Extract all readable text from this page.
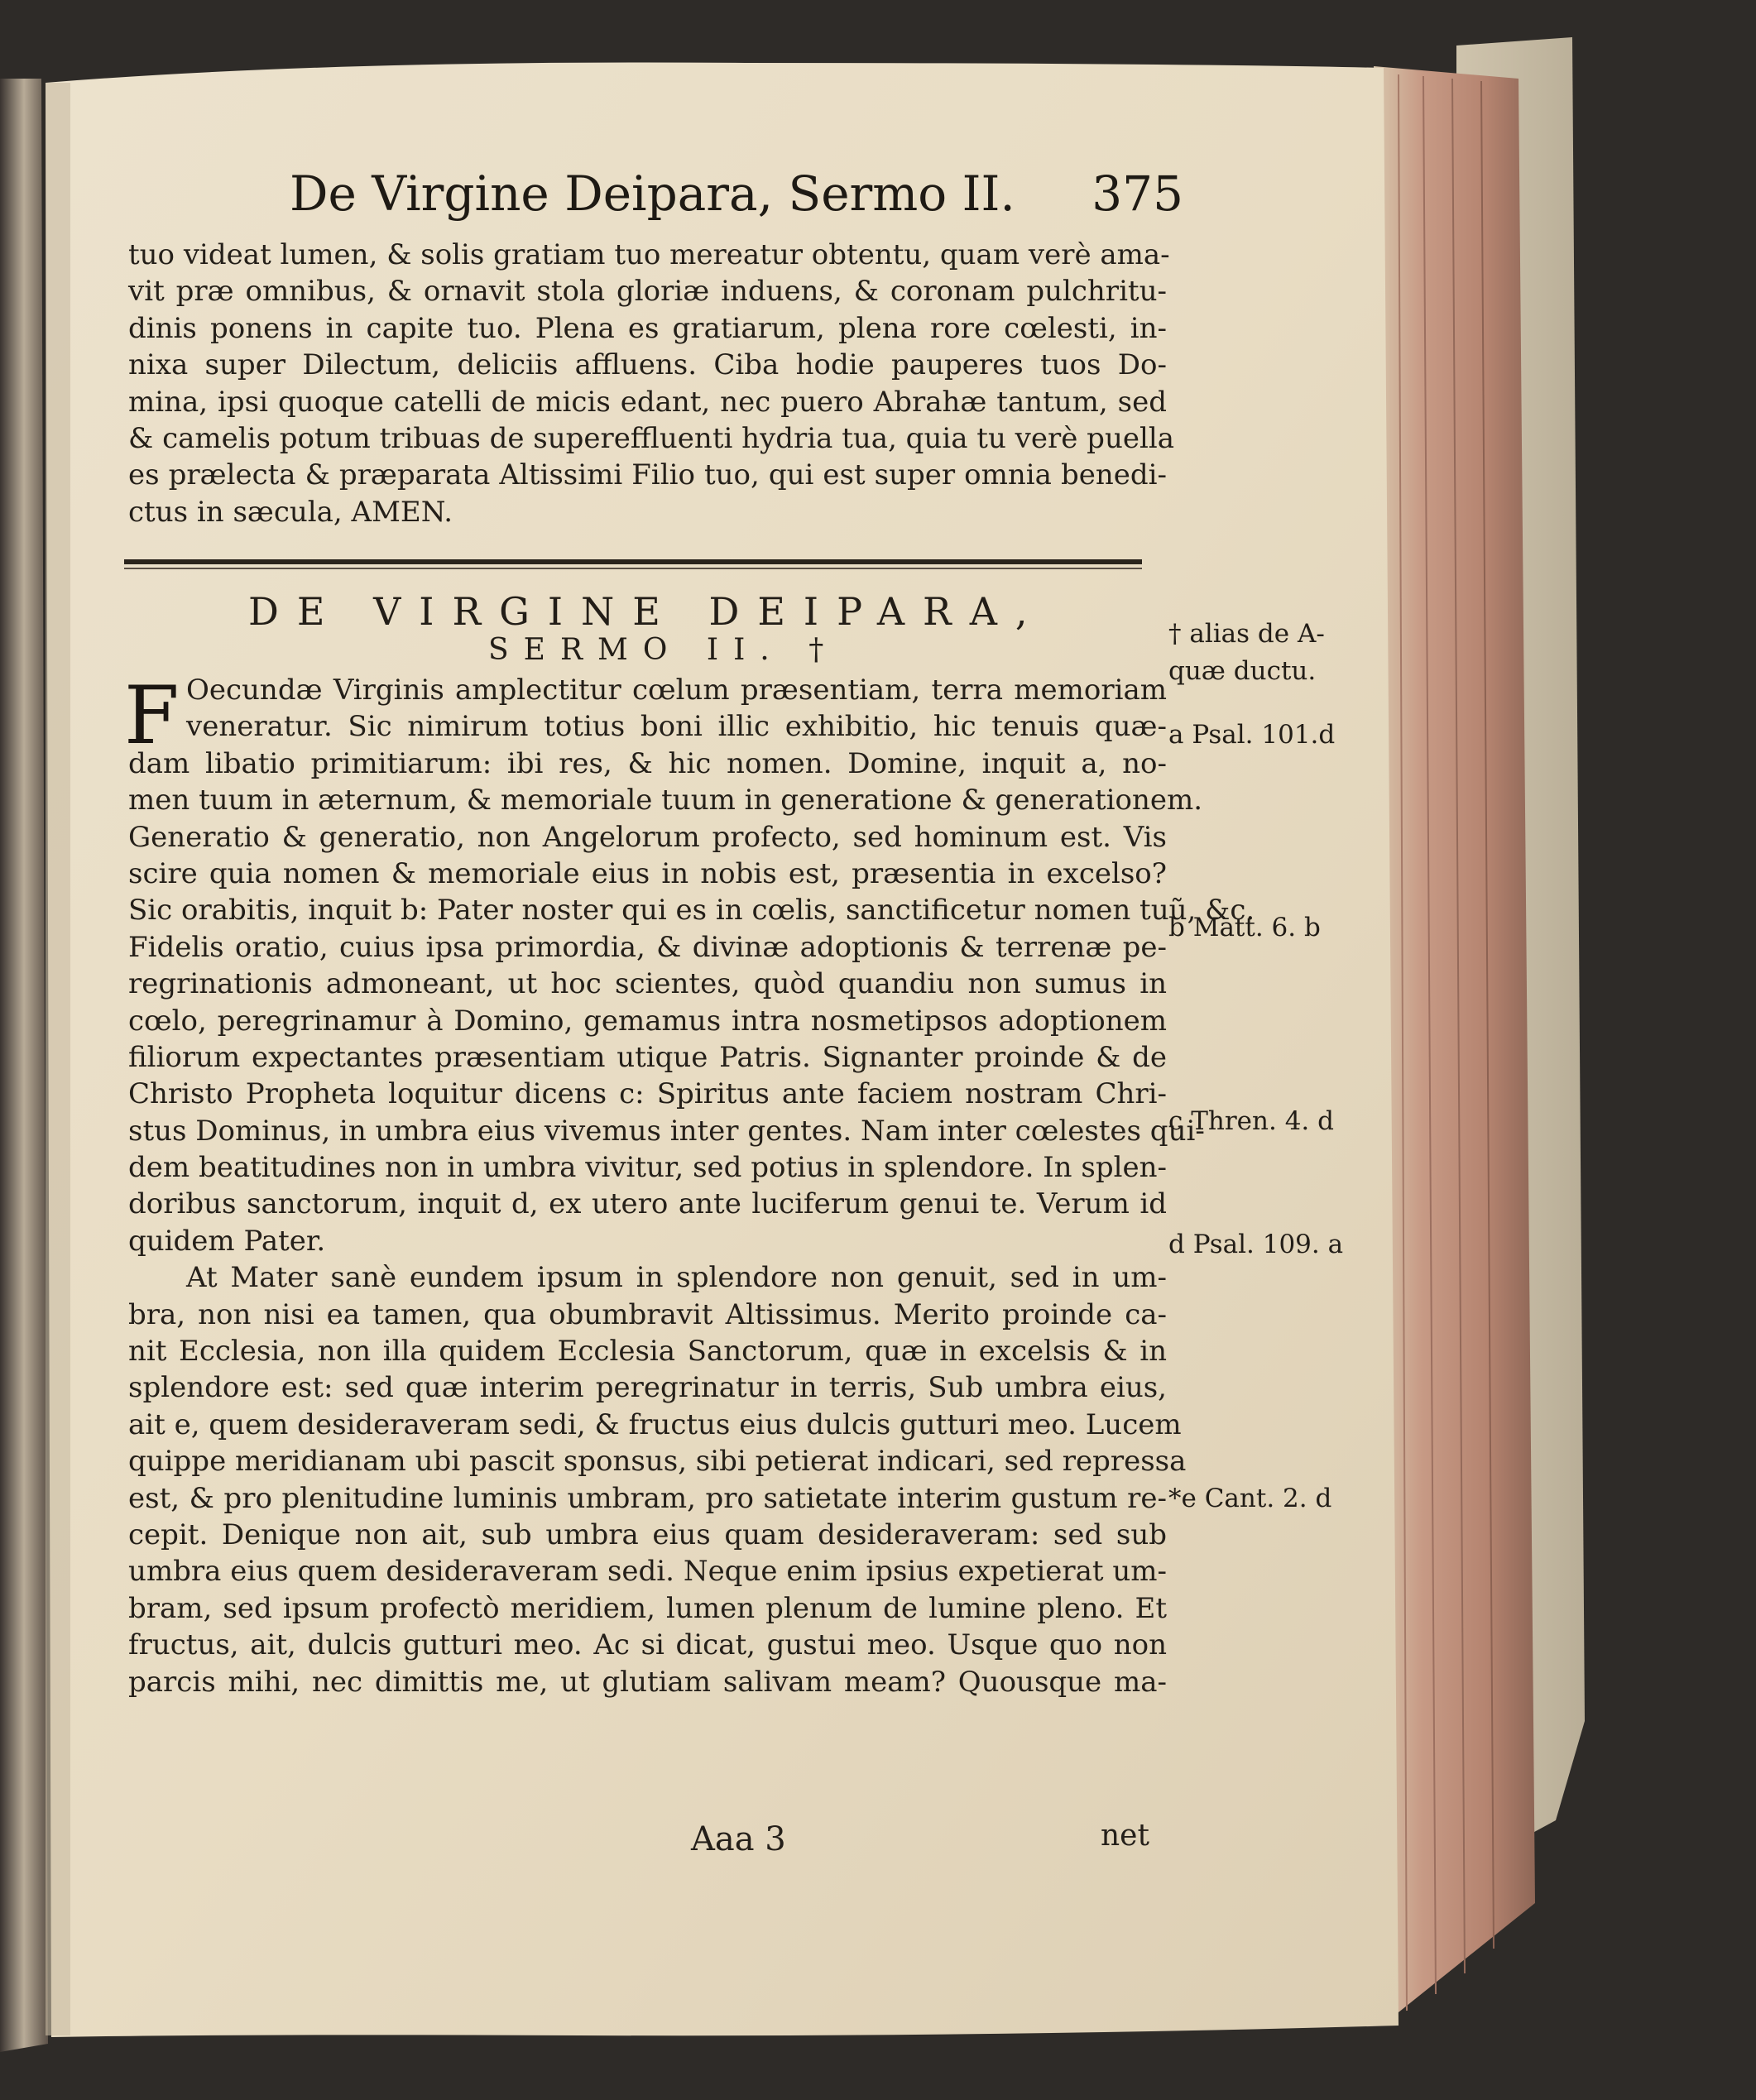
De Virgine Deipara, Sermo II. 375
tuo videat lumen, & solis gratiam tuo mereatur obtentu, quam verè ama-
vit præ omnibus, & ornavit stola gloriæ induens, & coronam pulchritu-
dinis ponens in capite tuo. Plena es gratiarum, plena rore cœlesti, in-
nixa super Dilectum, deliciis affluens. Ciba hodie pauperes tuos Do-
mina, ipsi quoque catelli de micis edant, nec puero Abrahæ tantum, sed
& camelis potum tribuas de supereffluenti hydria tua, quia tu verè puella
es prælecta & præparata Altissimi Filio tuo, qui est super omnia benedi-
ctus in sæcula, AMEN.
DE VIRGINE DEIPARA,
SERMO II. †
F Oecundæ Virginis amplectitur cœlum præsentiam, terra memoriam
veneratur. Sic nimirum totius boni illic exhibitio, hic tenuis quæ-
dam libatio primitiarum: ibi res, & hic nomen. Domine, inquit a, no-
men tuum in æternum, & memoriale tuum in generatione & generationem.
Generatio & generatio, non Angelorum profecto, sed hominum est. Vis
scire quia nomen & memoriale eius in nobis est, præsentia in excelso?
Sic orabitis, inquit b: Pater noster qui es in cœlis, sanctificetur nomen tuũ, &c.
Fidelis oratio, cuius ipsa primordia, & divinæ adoptionis & terrenæ pe-
regrinationis admoneant, ut hoc scientes, quòd quandiu non sumus in
cœlo, peregrinamur à Domino, gemamus intra nosmetipsos adoptionem
filiorum expectantes præsentiam utique Patris. Signanter proinde & de
Christo Propheta loquitur dicens c: Spiritus ante faciem nostram Chri-
stus Dominus, in umbra eius vivemus inter gentes. Nam inter cœlestes qui-
dem beatitudines non in umbra vivitur, sed potius in splendore. In splen-
doribus sanctorum, inquit d, ex utero ante luciferum genui te. Verum id
quidem Pater.
At Mater sanè eundem ipsum in splendore non genuit, sed in um-
bra, non nisi ea tamen, qua obumbravit Altissimus. Merito proinde ca-
nit Ecclesia, non illa quidem Ecclesia Sanctorum, quæ in excelsis & in
splendore est: sed quæ interim peregrinatur in terris, Sub umbra eius,
ait e, quem desideraveram sedi, & fructus eius dulcis gutturi meo. Lucem
quippe meridianam ubi pascit sponsus, sibi petierat indicari, sed repressa
est, & pro plenitudine luminis umbram, pro satietate interim gustum re-
cepit. Denique non ait, sub umbra eius quam desideraveram: sed sub
umbra eius quem desideraveram sedi. Neque enim ipsius expetierat um-
bram, sed ipsum profectò meridiem, lumen plenum de lumine pleno. Et
fructus, ait, dulcis gutturi meo. Ac si dicat, gustui meo. Usque quo non
parcis mihi, nec dimittis me, ut glutiam salivam meam? Quousque ma-
† alias de A-
quæ ductu.
a Psal. 101.d
b Matt. 6. b
c Thren. 4. d
d Psal. 109. a
*e Cant. 2. d
Aaa 3	net
